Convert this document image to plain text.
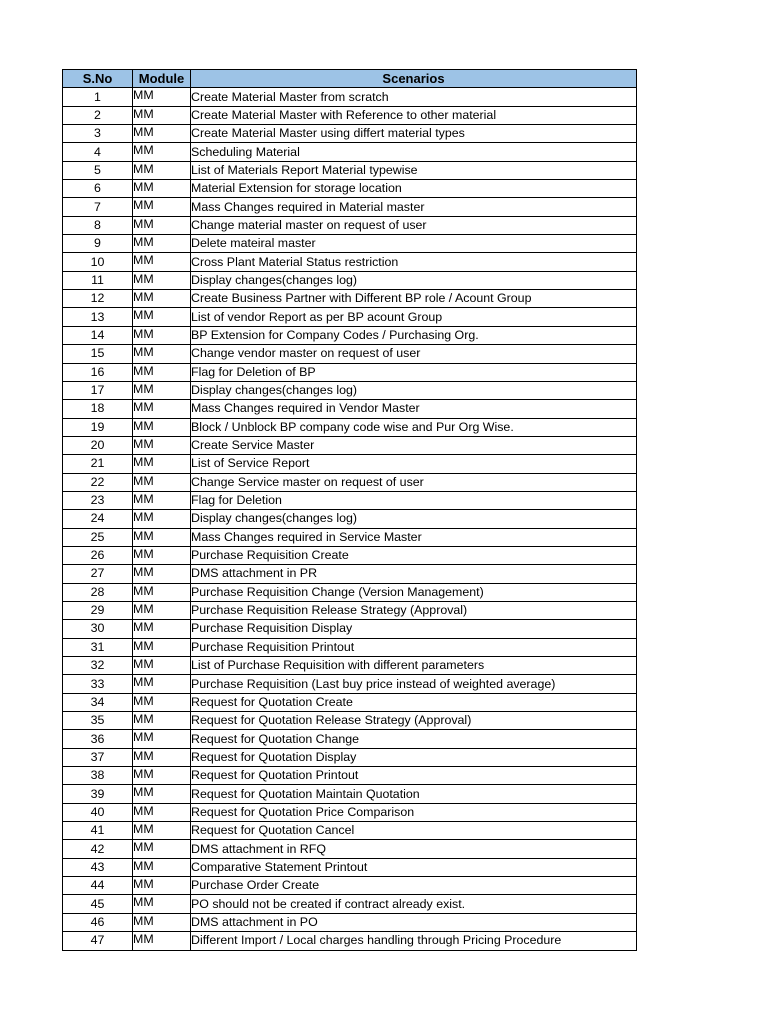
S.No	Module	Scenarios
1	MM	Create Material Master from scratch
2	MM	Create Material Master with Reference to other material
3	MM	Create Material Master using differt material types
4	MM	Scheduling Material
5	MM	List of Materials Report Material typewise
6	MM	Material Extension for storage location
7	MM	Mass Changes required in Material master
8	MM	Change material master on request of user
9	MM	Delete mateiral master
10	MM	Cross Plant Material Status restriction
11	MM	Display changes(changes log)
12	MM	Create Business Partner with Different BP role / Acount Group
13	MM	List of vendor Report as per BP acount Group
14	MM	BP Extension for Company Codes / Purchasing Org.
15	MM	Change vendor master on request of user
16	MM	Flag for Deletion of BP
17	MM	Display changes(changes log)
18	MM	Mass Changes required in Vendor Master
19	MM	Block / Unblock BP company code wise and Pur Org Wise.
20	MM	Create Service Master
21	MM	List of Service Report
22	MM	Change Service master on request of user
23	MM	Flag for Deletion
24	MM	Display changes(changes log)
25	MM	Mass Changes required in Service Master
26	MM	Purchase Requisition Create
27	MM	DMS attachment in PR
28	MM	Purchase Requisition Change (Version Management)
29	MM	Purchase Requisition Release Strategy (Approval)
30	MM	Purchase Requisition Display
31	MM	Purchase Requisition Printout
32	MM	List of Purchase Requisition with different parameters
33	MM	Purchase Requisition (Last buy price instead of weighted average)
34	MM	Request for Quotation Create
35	MM	Request for Quotation Release Strategy (Approval)
36	MM	Request for Quotation Change
37	MM	Request for Quotation Display
38	MM	Request for Quotation Printout
39	MM	Request for Quotation Maintain Quotation
40	MM	Request for Quotation Price Comparison
41	MM	Request for Quotation Cancel
42	MM	DMS attachment in RFQ
43	MM	Comparative Statement Printout
44	MM	Purchase Order Create
45	MM	PO should not be created if contract already exist.
46	MM	DMS attachment in PO
47	MM	Different Import / Local charges handling through Pricing Procedure
